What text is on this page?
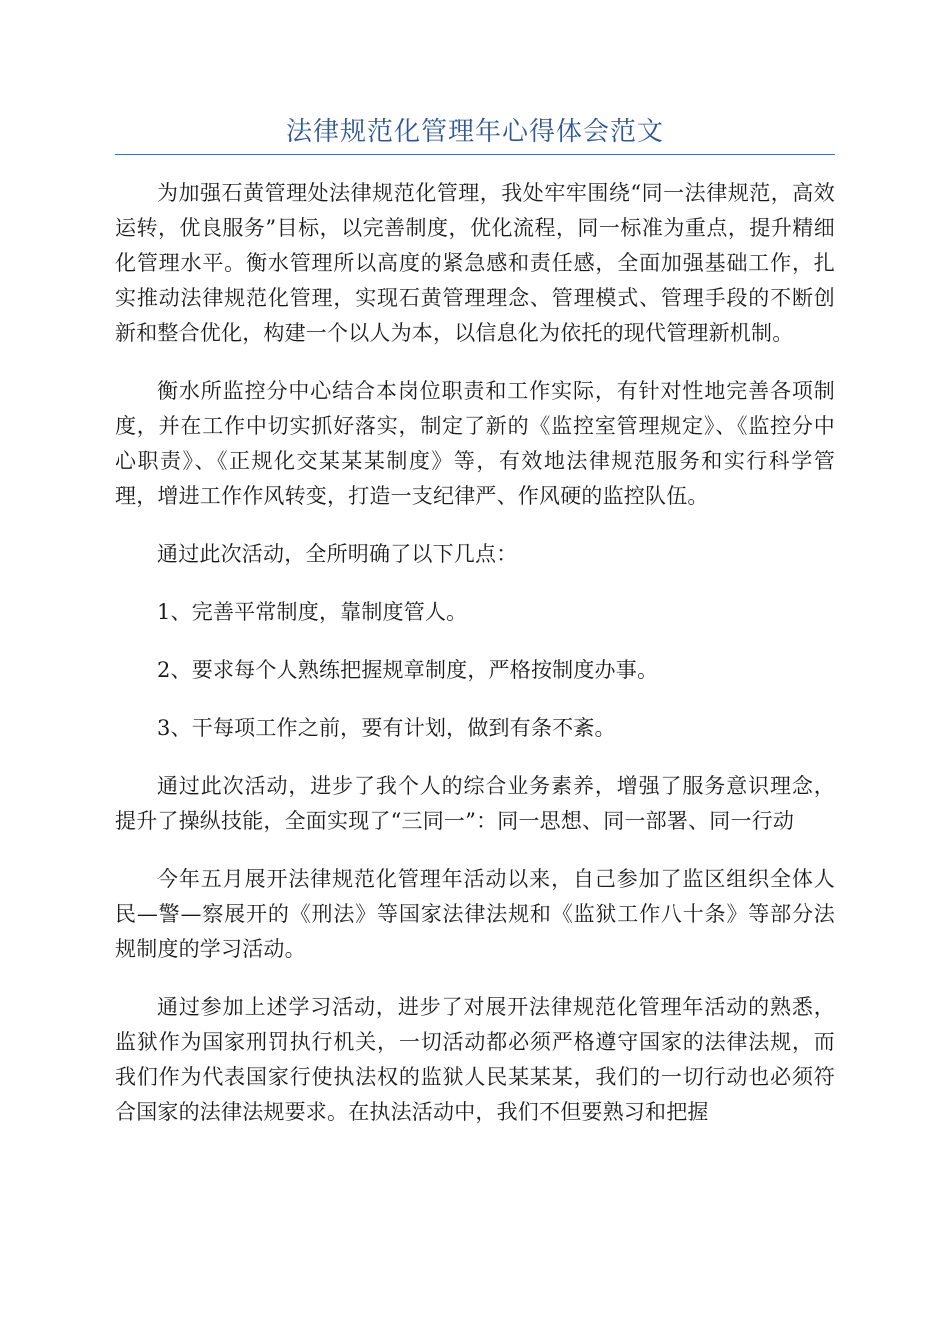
法律规范化管理年心得体会范文

为加强石黄管理处法律规范化管理，我处牢牢围绕“同一法律规范，高效运转，优良服务”目标，以完善制度，优化流程，同一标准为重点，提升精细化管理水平。衡水管理所以高度的紧急感和责任感，全面加强基础工作，扎实推动法律规范化管理，实现石黄管理理念、管理模式、管理手段的不断创新和整合优化，构建一个以人为本，以信息化为依托的现代管理新机制。

衡水所监控分中心结合本岗位职责和工作实际，有针对性地完善各项制度，并在工作中切实抓好落实，制定了新的《监控室管理规定》、《监控分中心职责》、《正规化交某某某制度》等，有效地法律规范服务和实行科学管理，增进工作作风转变，打造一支纪律严、作风硬的监控队伍。

通过此次活动，全所明确了以下几点：

1、完善平常制度，靠制度管人。

2、要求每个人熟练把握规章制度，严格按制度办事。

3、干每项工作之前，要有计划，做到有条不紊。

通过此次活动，进步了我个人的综合业务素养，增强了服务意识理念，提升了操纵技能，全面实现了“三同一”：同一思想、同一部署、同一行动

今年五月展开法律规范化管理年活动以来，自己参加了监区组织全体人民—警—察展开的《刑法》等国家法律法规和《监狱工作八十条》等部分法规制度的学习活动。

通过参加上述学习活动，进步了对展开法律规范化管理年活动的熟悉，监狱作为国家刑罚执行机关，一切活动都必须严格遵守国家的法律法规，而我们作为代表国家行使执法权的监狱人民某某某，我们的一切行动也必须符合国家的法律法规要求。在执法活动中，我们不但要熟习和把握
